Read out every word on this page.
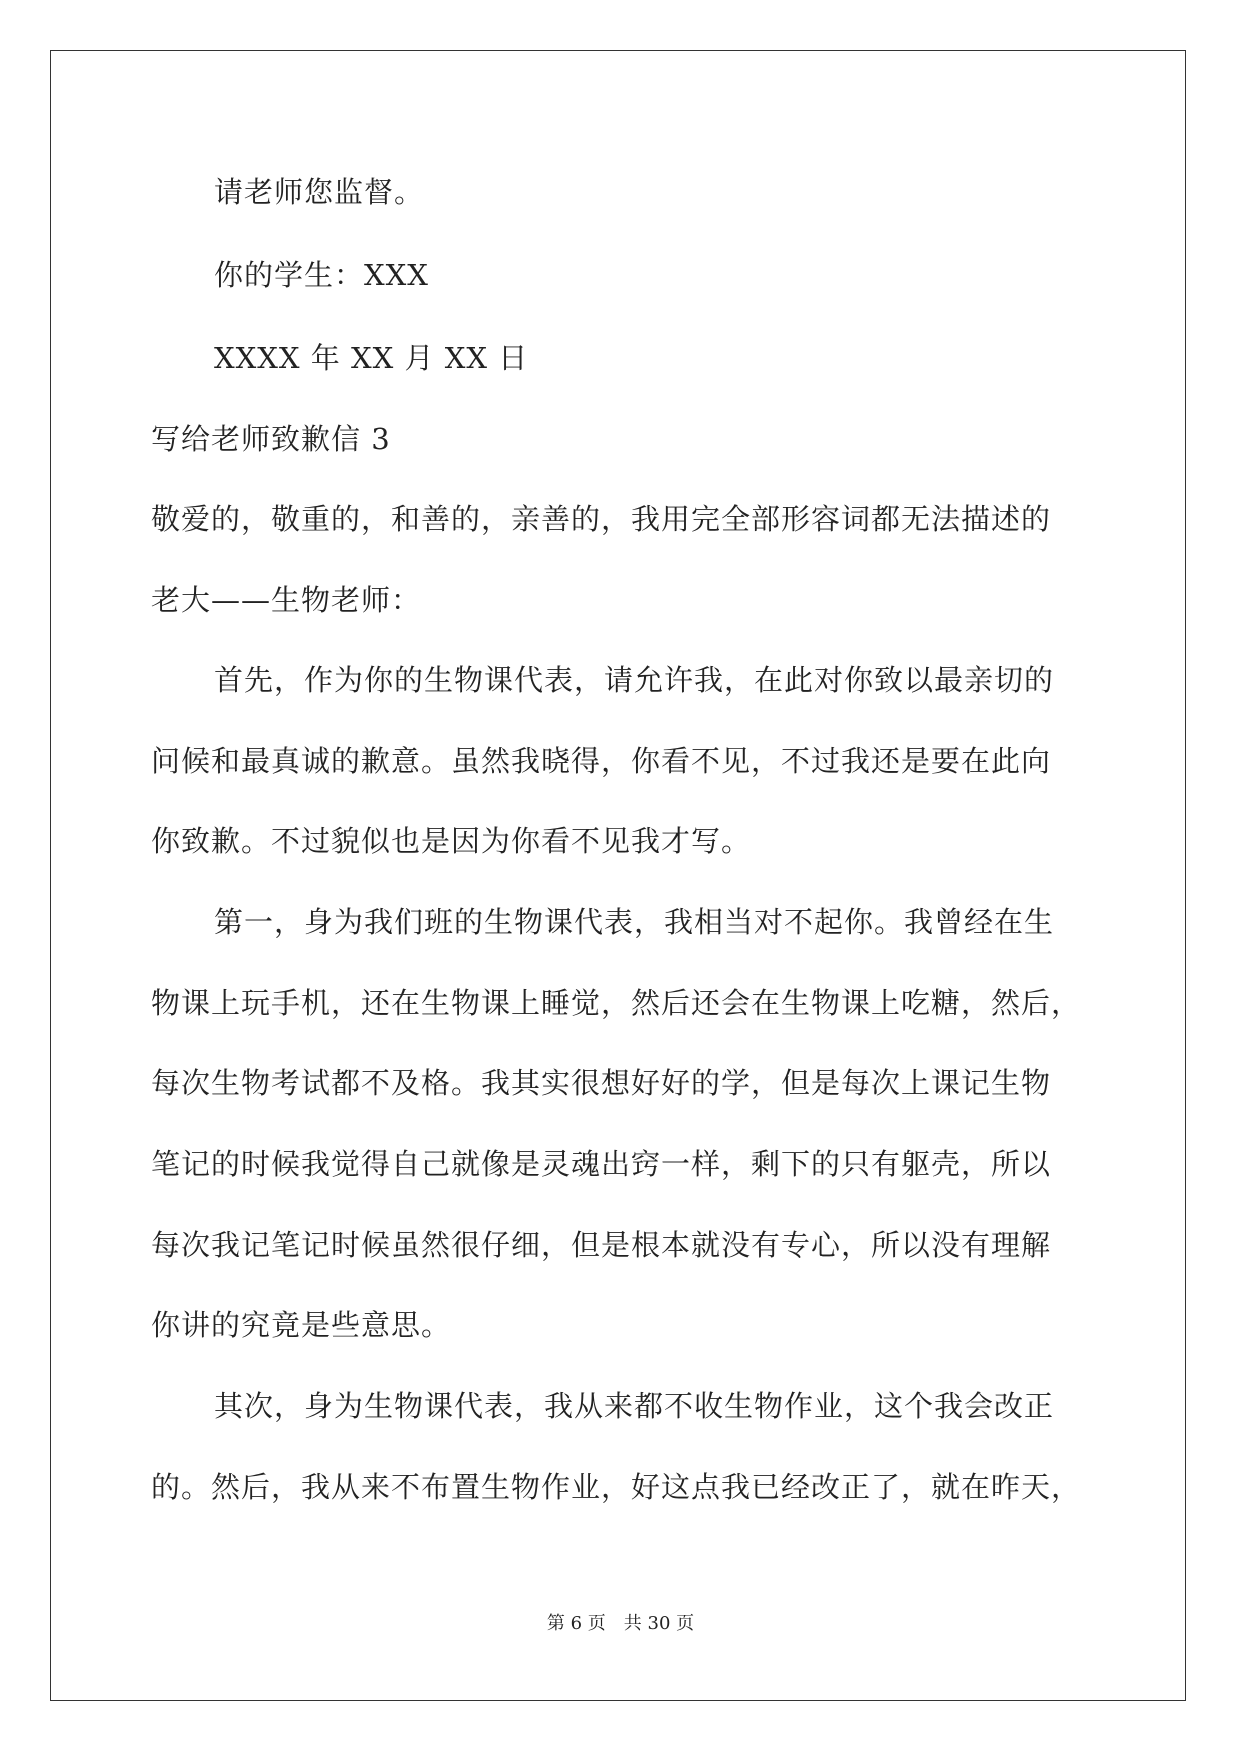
请老师您监督。
你的学生：XXX
XXXX 年 XX 月 XX 日
写给老师致歉信 3
敬爱的，敬重的，和善的，亲善的，我用完全部形容词都无法描述的
老大——生物老师：
首先，作为你的生物课代表，请允许我，在此对你致以最亲切的
问候和最真诚的歉意。虽然我晓得，你看不见，不过我还是要在此向
你致歉。不过貌似也是因为你看不见我才写。
第一，身为我们班的生物课代表，我相当对不起你。我曾经在生
物课上玩手机，还在生物课上睡觉，然后还会在生物课上吃糖，然后，
每次生物考试都不及格。我其实很想好好的学，但是每次上课记生物
笔记的时候我觉得自己就像是灵魂出窍一样，剩下的只有躯壳，所以
每次我记笔记时候虽然很仔细，但是根本就没有专心，所以没有理解
你讲的究竟是些意思。
其次，身为生物课代表，我从来都不收生物作业，这个我会改正
的。然后，我从来不布置生物作业，好这点我已经改正了，就在昨天，
第 6 页 共 30 页
